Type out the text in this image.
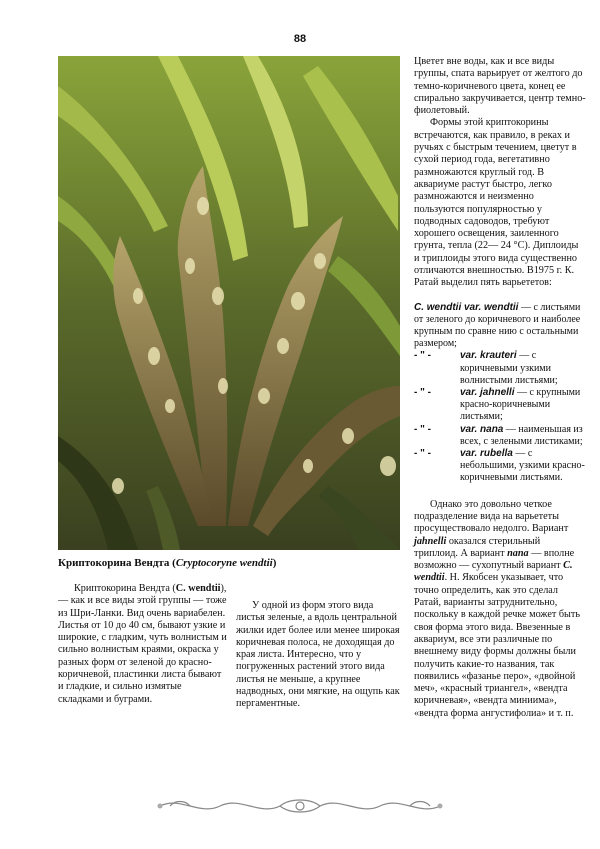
88
Криптокорина Вендта (Cryptocoryne wendtii)

Криптокорина Вендта (С. wendtii), — как и все виды этой группы — тоже из Шри-Ланки. Вид очень вариабелен. Листья от 10 до 40 см, бывают узкие и широкие, с гладким, чуть волнистым и сильно волнистым краями, окраска у разных форм от зеленой до красно-коричневой, пластинки листа бывают и гладкие, и сильно измятые складками и буграми.

У одной из форм этого вида листья зеленые, а вдоль центральной жилки идет более или менее широкая коричневая полоса, не доходящая до края листа. Интересно, что у погруженных растений этого вида листья не меньше, а крупнее надводных, они мягкие, на ощупь как пергаментные.

Цветет вне воды, как и все виды группы, спата варьирует от желтого до темно-коричневого цвета, конец ее спирально закручивается, центр темно-фиолетовый.

Формы этой криптокорины встречаются, как правило, в реках и ручьях с быстрым течением, цветут в сухой период года, вегетативно размножаются круглый год. В аквариуме растут быстро, легко размножаются и неизменно пользуются популярностью у подводных садоводов, требуют хорошего освещения, заиленного грунта, тепла (22— 24 °С). Диплоиды и триплоиды этого вида существенно отличаются внешностью. В1975 г. К. Ратай выделил пять варьететов:

C. wendtii var. wendtii — с листьями от зеленого до коричневого и наиболее крупным по сравне нию с остальными размером;
- " -	var. krauteri — с коричневыми узкими волнистыми листьями;
- " -	var. jahnelli — с крупными красно-коричневыми листьями;
- " -	var. nana — наименьшая из всех, с зелеными листиками;
- " -	var. rubella — с небольшими, узкими красно-коричневыми листьями.

Однако это довольно четкое подразделение вида на варьететы просуществовало недолго. Вариант jahnelli оказался стерильный триплоид. А вариант nana — вполне возможно — сухопутный вариант C. wendtii. Н. Якобсен указывает, что точно определить, как это сделал Ратай, варианты затруднительно, поскольку в каждой речке может быть своя форма этого вида. Ввезенные в аквариум, все эти различные по внешнему виду формы должны были получить какие-то названия, так появились «фазанье перо», «двойной меч», «красный триангел», «вендта коричневая», «вендта миниима», «вендта форма ангустифолиа» и т. п.
